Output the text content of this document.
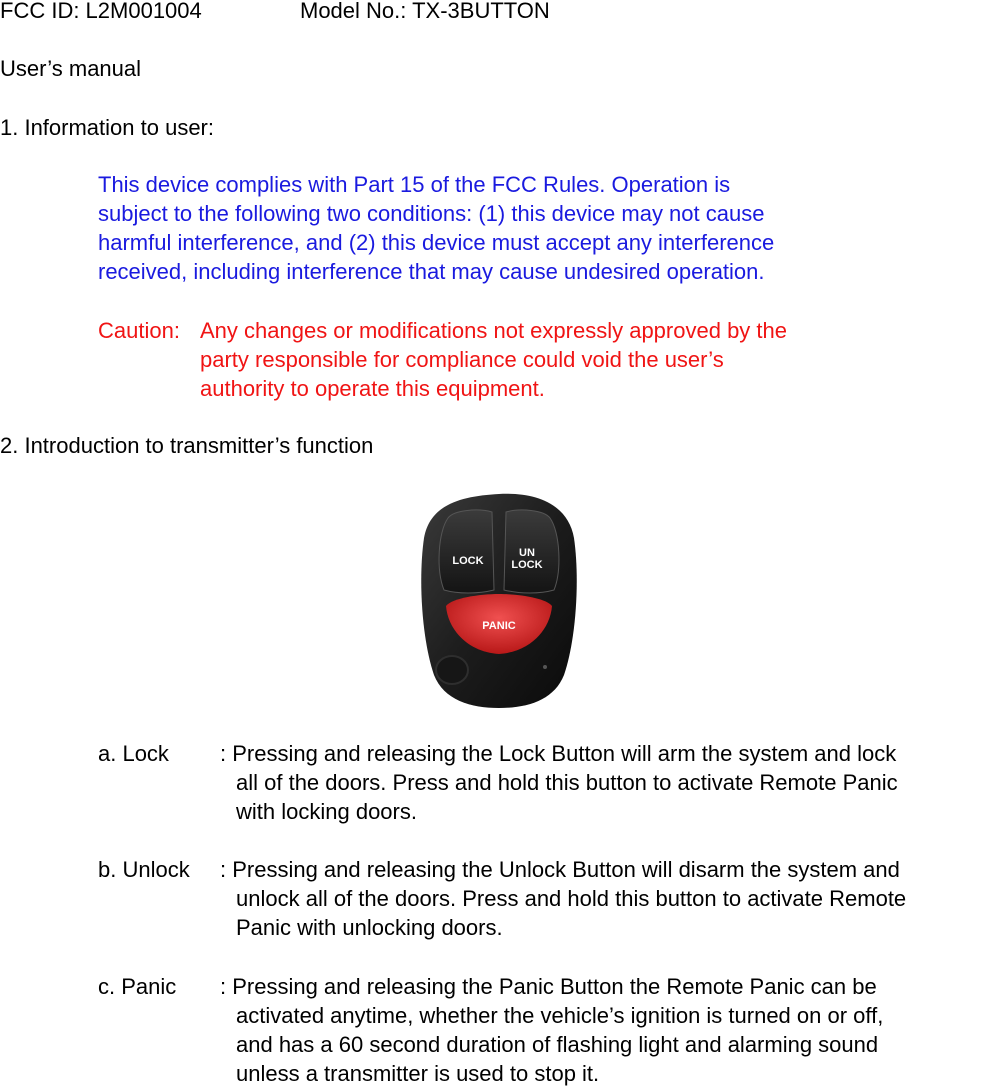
FCC ID: L2M001004	Model No.: TX-3BUTTON
User’s manual
1. Information to user:
This device complies with Part 15 of the FCC Rules. Operation is
subject to the following two conditions: (1) this device may not cause
harmful interference, and (2) this device must accept any interference
received, including interference that may cause undesired operation.
Caution: Any changes or modifications not expressly approved by the
party responsible for compliance could void the user’s
authority to operate this equipment.
2. Introduction to transmitter’s function
LOCK
UN
LOCK
PANIC
a. Lock : Pressing and releasing the Lock Button will arm the system and lock
all of the doors. Press and hold this button to activate Remote Panic
with locking doors.
b. Unlock : Pressing and releasing the Unlock Button will disarm the system and
unlock all of the doors. Press and hold this button to activate Remote
Panic with unlocking doors.
c. Panic : Pressing and releasing the Panic Button the Remote Panic can be
activated anytime, whether the vehicle’s ignition is turned on or off,
and has a 60 second duration of flashing light and alarming sound
unless a transmitter is used to stop it.
